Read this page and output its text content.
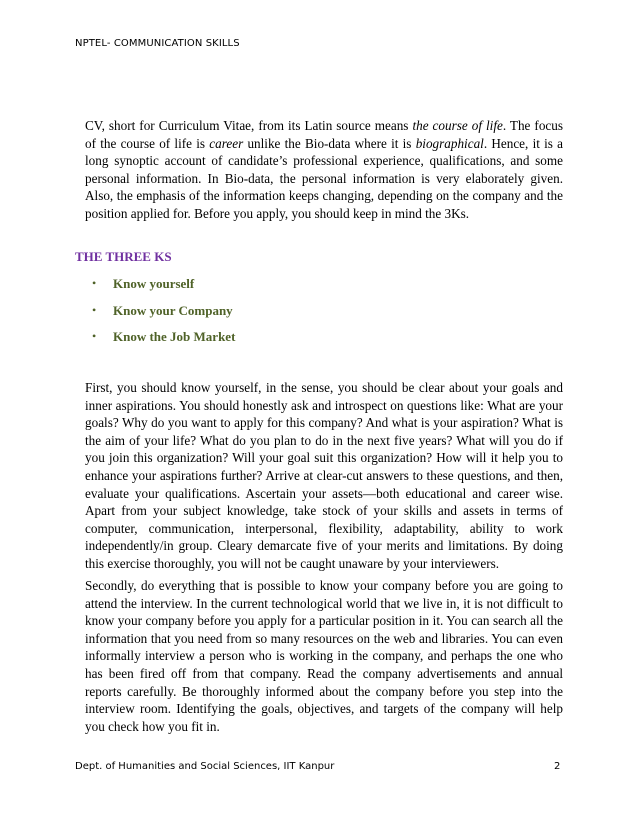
NPTEL- COMMUNICATION SKILLS

CV, short for Curriculum Vitae, from its Latin source means the course of life. The focus of the course of life is career unlike the Bio-data where it is biographical. Hence, it is a long synoptic account of candidate’s professional experience, qualifications, and some personal information. In Bio-data, the personal information is very elaborately given. Also, the emphasis of the information keeps changing, depending on the company and the position applied for. Before you apply, you should keep in mind the 3Ks.

THE THREE KS
•	Know yourself
•	Know your Company
•	Know the Job Market

First, you should know yourself, in the sense, you should be clear about your goals and inner aspirations. You should honestly ask and introspect on questions like: What are your goals? Why do you want to apply for this company? And what is your aspiration? What is the aim of your life? What do you plan to do in the next five years? What will you do if you join this organization? Will your goal suit this organization? How will it help you to enhance your aspirations further? Arrive at clear-cut answers to these questions, and then, evaluate your qualifications. Ascertain your assets—both educational and career wise. Apart from your subject knowledge, take stock of your skills and assets in terms of computer, communication, interpersonal, flexibility, adaptability, ability to work independently/in group. Cleary demarcate five of your merits and limitations. By doing this exercise thoroughly, you will not be caught unaware by your interviewers.

Secondly, do everything that is possible to know your company before you are going to attend the interview. In the current technological world that we live in, it is not difficult to know your company before you apply for a particular position in it. You can search all the information that you need from so many resources on the web and libraries. You can even informally interview a person who is working in the company, and perhaps the one who has been fired off from that company. Read the company advertisements and annual reports carefully. Be thoroughly informed about the company before you step into the interview room. Identifying the goals, objectives, and targets of the company will help you check how you fit in.

Dept. of Humanities and Social Sciences, IIT Kanpur	2
